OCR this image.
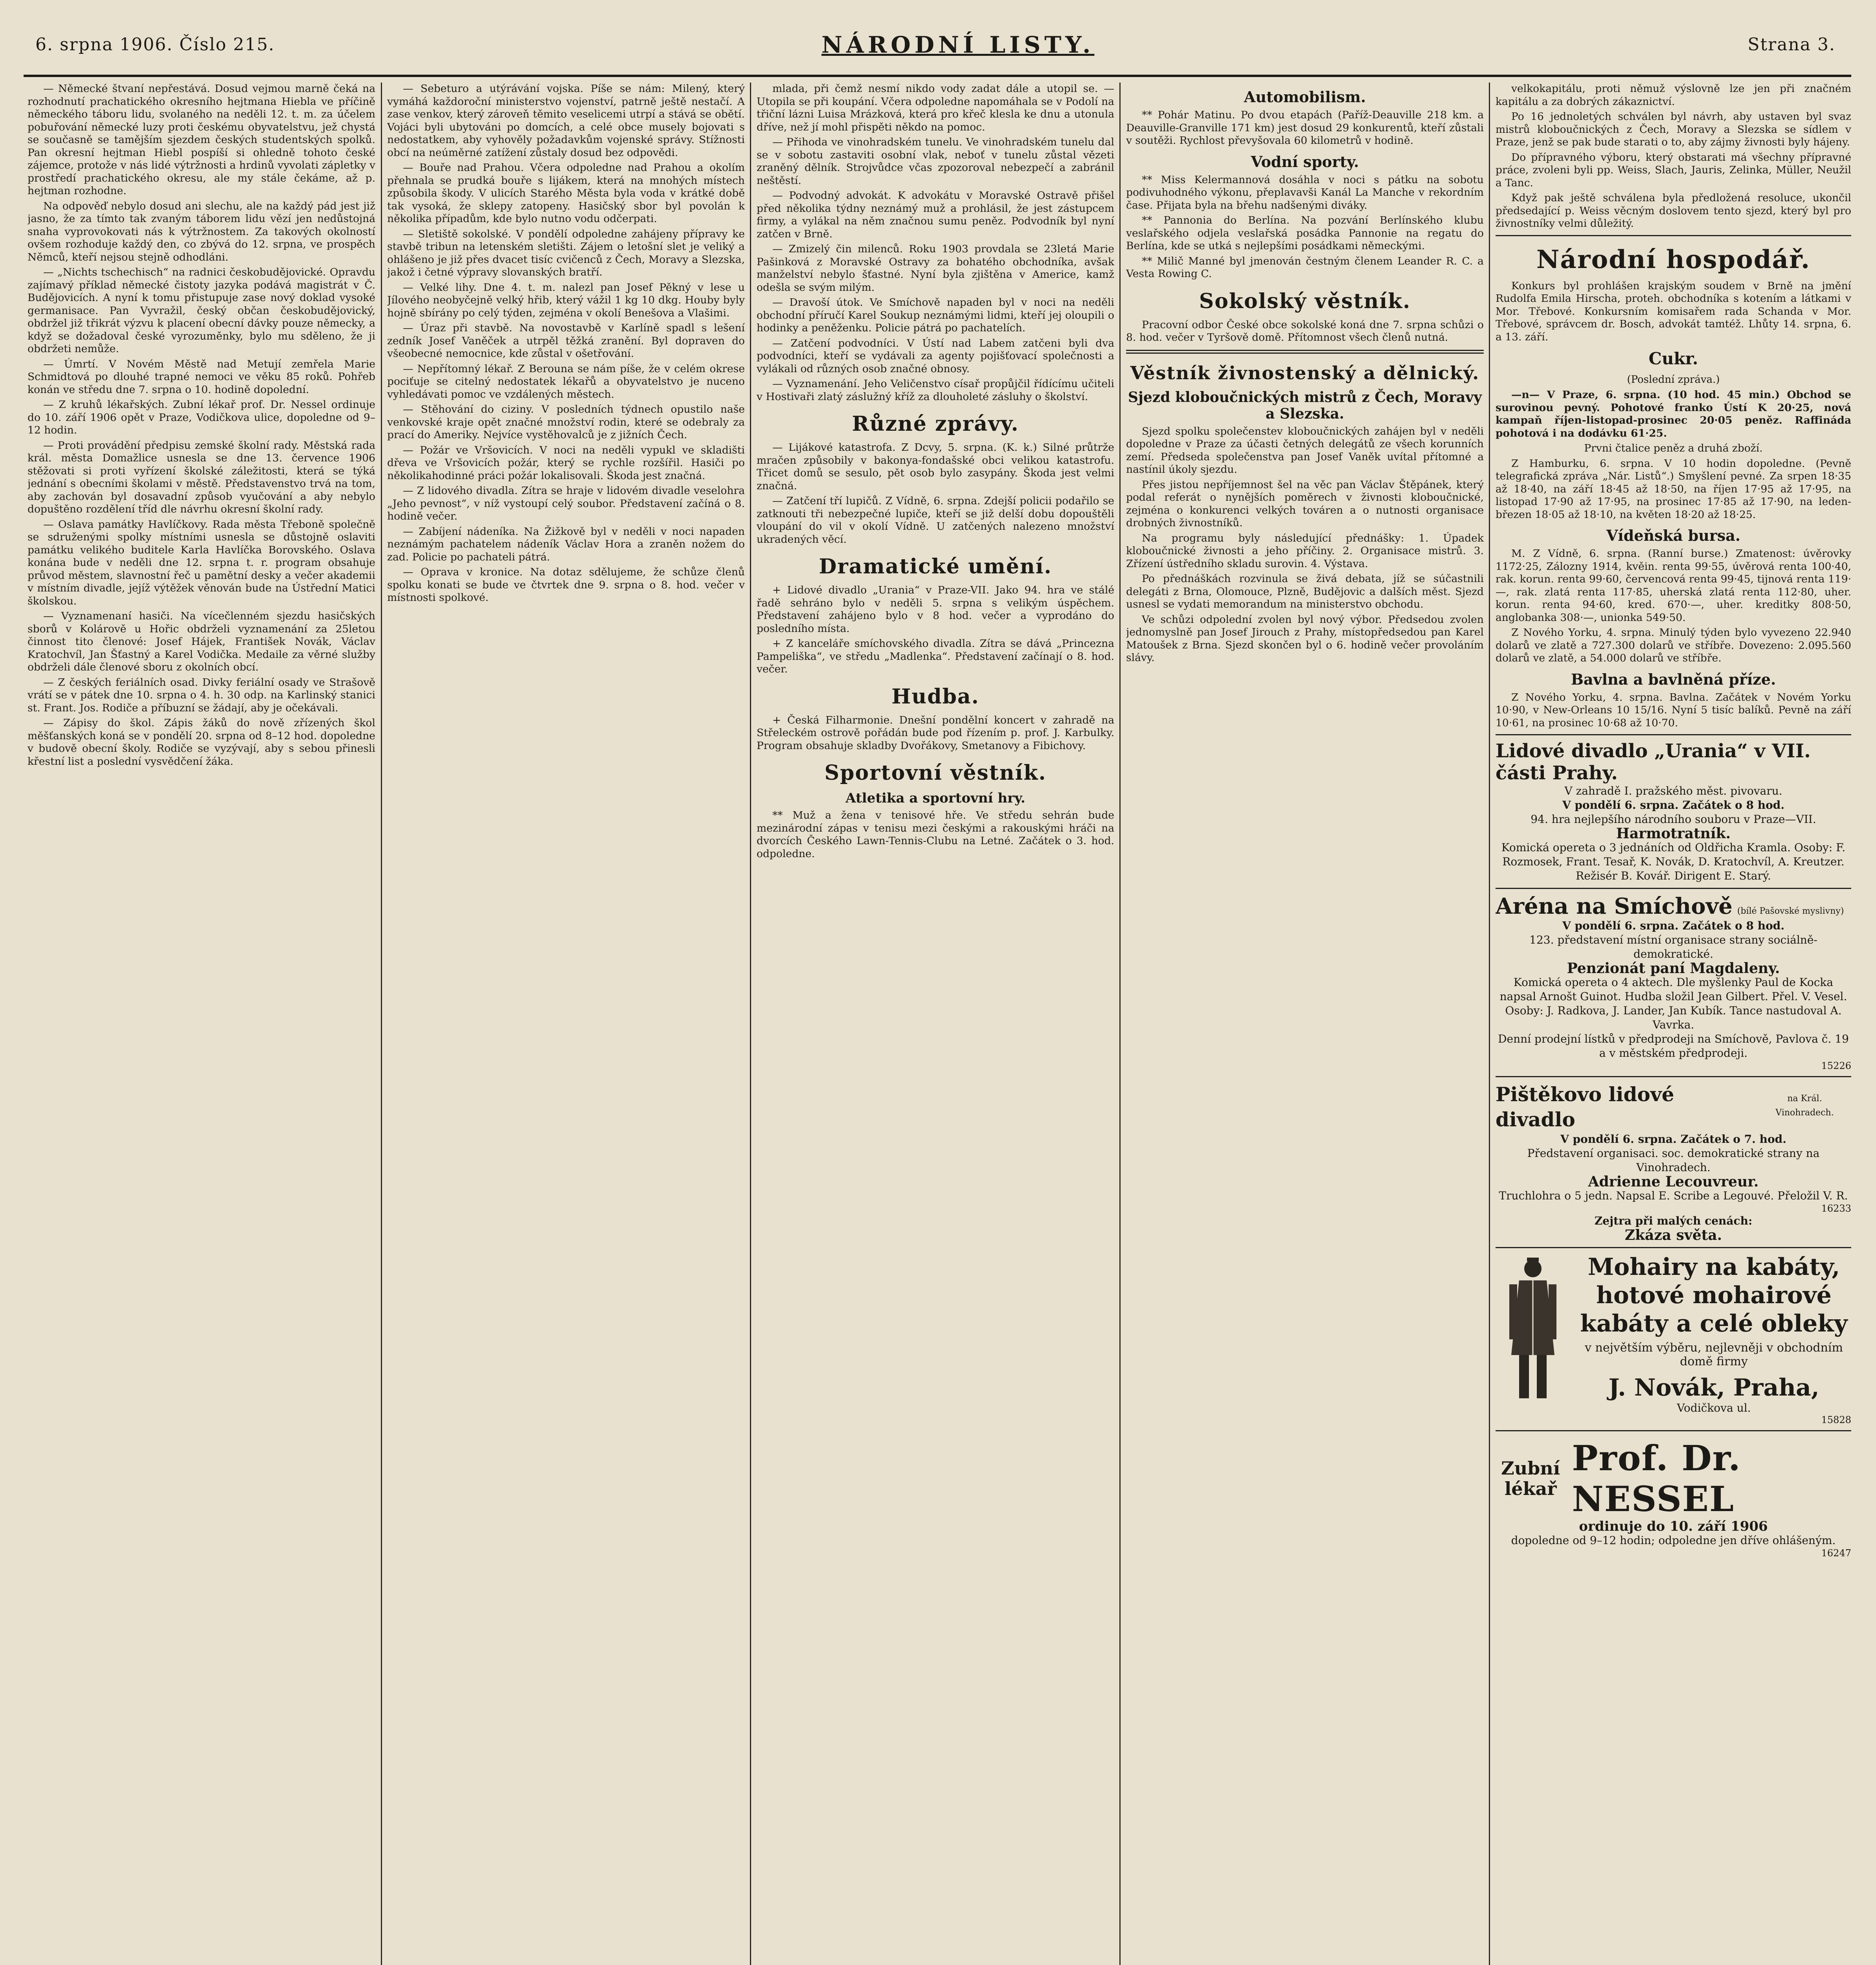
6. srpna 1906. Číslo 215.	NÁRODNÍ LISTY.	Strana 3.

— Německé štvaní nepřestává. Dosud vejmou marně čeká na rozhodnutí prachatického okresního hejtmana Hiebla ve příčině německého táboru lidu, svolaného na neděli 12. t. m. za účelem pobuřování německé luzy proti českému obyvatelstvu, jež chystá se současně se tamějším sjezdem českých studentských spolků. Pan okresní hejtman Hiebl pospíší si ohledně tohoto české zájemce, protože v nás lidé výtržnosti a hrdinů vyvolati zápletky v prostředí prachatického okresu, ale my stále čekáme, až p. hejtman rozhodne.

Na odpověď nebylo dosud ani slechu, ale na každý pád jest již jasno, že za tímto tak zvaným táborem lidu vězí jen nedůstojná snaha vyprovokovati nás k výtržnostem. Za takových okolností ovšem rozhoduje každý den, co zbývá do 12. srpna, ve prospěch Němců, kteří nejsou stejně odhodláni.

— „Nichts tschechisch“ na radnici českobudějovické. Opravdu zajímavý příklad německé čistoty jazyka podává magistrát v Č. Budějovicích. A nyní k tomu přistupuje zase nový doklad vysoké germanisace. Pan Vyvražil, český občan českobudějovický, obdržel již třikrát výzvu k placení obecní dávky pouze německy, a když se dožadoval české vyrozuměnky, bylo mu sděleno, že ji obdržeti nemůže.

— Úmrtí. V Novém Městě nad Metují zemřela Marie Schmidtová po dlouhé trapné nemoci ve věku 85 roků. Pohřeb konán ve středu dne 7. srpna o 10. hodině dopolední.

— Z kruhů lékařských. Zubní lékař prof. Dr. Nessel ordinuje do 10. září 1906 opět v Praze, Vodičkova ulice, dopoledne od 9–12 hodin.

— Proti provádění předpisu zemské školní rady. Městská rada král. města Domažlice usnesla se dne 13. července 1906 stěžovati si proti vyřízení školské záležitosti, která se týká jednání s obecními školami v městě. Představenstvo trvá na tom, aby zachován byl dosavadní způsob vyučování a aby nebylo dopuštěno rozdělení tříd dle návrhu okresní školní rady.

— Oslava památky Havlíčkovy. Rada města Třeboně společně se sdruženými spolky místními usnesla se důstojně oslaviti památku velikého buditele Karla Havlíčka Borovského. Oslava konána bude v neděli dne 12. srpna t. r. program obsahuje průvod městem, slavnostní řeč u pamětní desky a večer akademii v místním divadle, jejíž výtěžek věnován bude na Ústřední Matici školskou.

— Vyznamenaní hasiči. Na vícečlenném sjezdu hasičských sborů v Kolárově u Hořic obdrželi vyznamenání za 25letou činnost tito členové: Josef Hájek, František Novák, Václav Kratochvíl, Jan Šťastný a Karel Vodička. Medaile za věrné služby obdrželi dále členové sboru z okolních obcí.

— Z českých feriálních osad. Divky feriální osady ve Strašově vrátí se v pátek dne 10. srpna o 4. h. 30 odp. na Karlinský stanici st. Frant. Jos. Rodiče a příbuzní se žádají, aby je očekávali.

— Zápisy do škol. Zápis žáků do nově zřízených škol měšťanských koná se v pondělí 20. srpna od 8–12 hod. dopoledne v budově obecní školy. Rodiče se vyzývají, aby s sebou přinesli křestní list a poslední vysvědčení žáka.

— Sebeturo a utýrávání vojska. Píše se nám: Milený, který vymáhá každoroční ministerstvo vojenství, patrně ještě nestačí. A zase venkov, který zároveň těmito veselicemi utrpí a stává se obětí. Vojáci byli ubytováni po domcích, a celé obce musely bojovati s nedostatkem, aby vyhověly požadavkům vojenské správy. Stížnosti obcí na neúměrné zatížení zůstaly dosud bez odpovědi.

— Bouře nad Prahou. Včera odpoledne nad Prahou a okolím přehnala se prudká bouře s lijákem, která na mnohých místech způsobila škody. V ulicích Starého Města byla voda v krátké době tak vysoká, že sklepy zatopeny. Hasičský sbor byl povolán k několika případům, kde bylo nutno vodu odčerpati.

— Sletiště sokolské. V pondělí odpoledne zahájeny přípravy ke stavbě tribun na letenském sletišti. Zájem o letošní slet je veliký a ohlášeno je již přes dvacet tisíc cvičenců z Čech, Moravy a Slezska, jakož i četné výpravy slovanských bratří.

— Velké lihy. Dne 4. t. m. nalezl pan Josef Pěkný v lese u Jílového neobyčejně velký hřib, který vážil 1 kg 10 dkg. Houby byly hojně sbírány po celý týden, zejména v okolí Benešova a Vlašimi.

— Úraz při stavbě. Na novostavbě v Karlíně spadl s lešení zedník Josef Vaněček a utrpěl těžká zranění. Byl dopraven do všeobecné nemocnice, kde zůstal v ošetřování.

— Nepřítomný lékař. Z Berouna se nám píše, že v celém okrese pociťuje se citelný nedostatek lékařů a obyvatelstvo je nuceno vyhledávati pomoc ve vzdálených městech.

— Stěhování do ciziny. V posledních týdnech opustilo naše venkovské kraje opět značné množství rodin, které se odebraly za prací do Ameriky. Nejvíce vystěhovalců je z jižních Čech.

— Požár ve Vršovicích. V noci na neděli vypukl ve skladišti dřeva ve Vršovicích požár, který se rychle rozšířil. Hasiči po několikahodinné práci požár lokalisovali. Škoda jest značná.

— Z lidového divadla. Zítra se hraje v lidovém divadle veselohra „Jeho pevnost“, v níž vystoupí celý soubor. Představení začíná o 8. hodině večer.

— Zabíjení nádeníka. Na Žižkově byl v neděli v noci napaden neznámým pachatelem nádeník Václav Hora a zraněn nožem do zad. Policie po pachateli pátrá.

— Oprava v kronice. Na dotaz sdělujeme, že schůze členů spolku konati se bude ve čtvrtek dne 9. srpna o 8. hod. večer v místnosti spolkové.

mlada, při čemž nesmí nikdo vody zadat dále a utopil se. — Utopila se při koupání. Včera odpoledne napomáhala se v Podolí na třiční lázni Luisa Mrázková, která pro křeč klesla ke dnu a utonula dříve, než jí mohl přispěti někdo na pomoc.

— Přihoda ve vinohradském tunelu. Ve vinohradském tunelu dal se v sobotu zastaviti osobní vlak, neboť v tunelu zůstal vězeti zraněný dělník. Strojvůdce včas zpozoroval nebezpečí a zabránil neštěstí.

— Podvodný advokát. K advokátu v Moravské Ostravě přišel před několika týdny neznámý muž a prohlásil, že jest zástupcem firmy, a vylákal na něm značnou sumu peněz. Podvodník byl nyní zatčen v Brně.

— Zmizelý čin milenců. Roku 1903 provdala se 23letá Marie Pašinková z Moravské Ostravy za bohatého obchodníka, avšak manželství nebylo šťastné. Nyní byla zjištěna v Americe, kamž odešla se svým milým.

— Dravoší útok. Ve Smíchově napaden byl v noci na neděli obchodní příručí Karel Soukup neznámými lidmi, kteří jej oloupili o hodinky a peněženku. Policie pátrá po pachatelích.

— Zatčení podvodníci. V Ústí nad Labem zatčeni byli dva podvodníci, kteří se vydávali za agenty pojišťovací společnosti a vylákali od různých osob značné obnosy.

— Vyznamenání. Jeho Veličenstvo císař propůjčil řídícímu učiteli v Hostivaři zlatý záslužný kříž za dlouholeté zásluhy o školství.

Různé zprávy.

— Lijákové katastrofa. Z Dcvy, 5. srpna. (K. k.) Silné průtrže mračen způsobily v bakonya-fondašské obci velikou katastrofu. Třicet domů se sesulo, pět osob bylo zasypány. Škoda jest velmi značná.

— Zatčení tří lupičů. Z Vídně, 6. srpna. Zdejší policii podařilo se zatknouti tři nebezpečné lupiče, kteří se již delší dobu dopouštěli vloupání do vil v okolí Vídně. U zatčených nalezeno množství ukradených věcí.

Dramatické umění.

+ Lidové divadlo „Urania“ v Praze-VII. Jako 94. hra ve stálé řadě sehráno bylo v neděli 5. srpna s velikým úspěchem. Představení zahájeno bylo v 8 hod. večer a vyprodáno do posledního místa.

+ Z kanceláře smíchovského divadla. Zítra se dává „Princezna Pampeliška“, ve středu „Madlenka“. Představení začínají o 8. hod. večer.

Hudba.

+ Česká Filharmonie. Dnešní pondělní koncert v zahradě na Střeleckém ostrově pořádán bude pod řízením p. prof. J. Karbulky. Program obsahuje skladby Dvořákovy, Smetanovy a Fibichovy.

Sportovní věstník.
Atletika a sportovní hry.

** Muž a žena v tenisové hře. Ve středu sehrán bude mezinárodní zápas v tenisu mezi českými a rakouskými hráči na dvorcích Českého Lawn-Tennis-Clubu na Letné. Začátek o 3. hod. odpoledne.

Automobilism.

** Pohár Matinu. Po dvou etapách (Paříž-Deauville 218 km. a Deauville-Granville 171 km) jest dosud 29 konkurentů, kteří zůstali v soutěži. Rychlost převyšovala 60 kilometrů v hodině.

Vodní sporty.

** Miss Kelermannová dosáhla v noci s pátku na sobotu podivuhodného výkonu, přeplavavši Kanál La Manche v rekordním čase. Přijata byla na břehu nadšenými diváky.

** Pannonia do Berlína. Na pozvání Berlínského klubu veslařského odjela veslařská posádka Pannonie na regatu do Berlína, kde se utká s nejlepšími posádkami německými.

** Milič Manné byl jmenován čestným členem Leander R. C. a Vesta Rowing C.

Sokolský věstník.

Pracovní odbor České obce sokolské koná dne 7. srpna schůzi o 8. hod. večer v Tyršově domě. Přítomnost všech členů nutná.

Věstník živnostenský a dělnický.
Sjezd kloboučnických mistrů z Čech, Moravy a Slezska.

Sjezd spolku společenstev kloboučnických zahájen byl v neděli dopoledne v Praze za účasti četných delegátů ze všech korunních zemí. Předseda společenstva pan Josef Vaněk uvítal přítomné a nastínil úkoly sjezdu.

Přes jistou nepříjemnost šel na věc pan Václav Štěpánek, který podal referát o nynějších poměrech v živnosti kloboučnické, zejména o konkurenci velkých továren a o nutnosti organisace drobných živnostníků.

Na programu byly následující přednášky: 1. Úpadek kloboučnické živnosti a jeho příčiny. 2. Organisace mistrů. 3. Zřízení ústředního skladu surovin. 4. Výstava.

Po přednáškách rozvinula se živá debata, jíž se súčastnili delegáti z Brna, Olomouce, Plzně, Budějovic a dalších měst. Sjezd usnesl se vydati memorandum na ministerstvo obchodu.

Ve schůzi odpolední zvolen byl nový výbor. Předsedou zvolen jednomyslně pan Josef Jirouch z Prahy, místopředsedou pan Karel Matoušek z Brna. Sjezd skončen byl o 6. hodině večer provoláním slávy.

velkokapitálu, proti němuž výslovně lze jen při značném kapitálu a za dobrých zákaznictví.

Po 16 jednoletých schválen byl návrh, aby ustaven byl svaz mistrů kloboučnických z Čech, Moravy a Slezska se sídlem v Praze, jenž se pak bude starati o to, aby zájmy živnosti byly hájeny.

Do přípravného výboru, který obstarati má všechny přípravné práce, zvoleni byli pp. Weiss, Slach, Jauris, Zelinka, Müller, Neužil a Tanc.

Když pak ještě schválena byla předložená resoluce, ukončil předsedající p. Weiss věcným doslovem tento sjezd, který byl pro živnostníky velmi důležitý.

Národní hospodář.

Konkurs byl prohlášen krajským soudem v Brně na jmění Rudolfa Emila Hirscha, proteh. obchodníka s kotením a látkami v Mor. Třebové. Konkursním komisařem rada Schanda v Mor. Třebové, správcem dr. Bosch, advokát tamtéž. Lhůty 14. srpna, 6. a 13. září.

Cukr.
(Poslední zpráva.)

—n— V Praze, 6. srpna. (10 hod. 45 min.) Obchod se surovinou pevný. Pohotové franko Ústí K 20·25, nová kampaň říjen-listopad-prosinec 20·05 peněz. Raffináda pohotová i na dodávku 61·25.

Prvni čtalice peněz a druhá zboží.

Z Hamburku, 6. srpna. V 10 hodin dopoledne. (Pevně telegrafická zpráva „Nár. Listů“.) Smyšlení pevné. Za srpen 18·35 až 18·40, na září 18·45 až 18·50, na říjen 17·95 až 17·95, na listopad 17·90 až 17·95, na prosinec 17·85 až 17·90, na leden-březen 18·05 až 18·10, na květen 18·20 až 18·25.

Vídeňská bursa.

M. Z Vídně, 6. srpna. (Ranní burse.) Zmatenost: úvěrovky 1172·25, Zálozny 1914, kvěin. renta 99·55, úvěrová renta 100·40, rak. korun. renta 99·60, červencová renta 99·45, tijnová renta 119·—, rak. zlatá renta 117·85, uherská zlatá renta 112·80, uher. korun. renta 94·60, kred. 670·—, uher. kreditky 808·50, anglobanka 308·—, unionka 549·50.

Z Nového Yorku, 4. srpna. Minulý týden bylo vyvezeno 22.940 dolarů ve zlatě a 727.300 dolarů ve stříbře. Dovezeno: 2.095.560 dolarů ve zlatě, a 54.000 dolarů ve stříbře.

Bavlna a bavlněná příze.

Z Nového Yorku, 4. srpna. Bavlna. Začátek v Novém Yorku 10·90, v New-Orleans 10 15/16. Nyní 5 tisíc balíků. Pevně na září 10·61, na prosinec 10·68 až 10·70.

Lidové divadlo „Urania“ v VII. části Prahy.
V zahradě I. pražského měst. pivovaru.
V pondělí 6. srpna. Začátek o 8 hod.
94. hra nejlepšího národního souboru v Praze—VII.
Harmotratník.
Komická opereta o 3 jednáních od Oldřicha Kramla. Osoby: F. Rozmosek, Frant. Tesař, K. Novák, D. Kratochvíl, A. Kreutzer. Režisér B. Kovář. Dirigent E. Starý.
Aréna na Smíchově (bílé Pašovské myslivny)
V pondělí 6. srpna. Začátek o 8 hod.
123. představení místní organisace strany sociálně-demokratické.
Penzionát paní Magdaleny.
Komická opereta o 4 aktech. Dle myšlenky Paul de Kocka napsal Arnošt Guinot. Hudba složil Jean Gilbert. Přel. V. Vesel. Osoby: J. Radkova, J. Lander, Jan Kubík. Tance nastudoval A. Vavrka.
Denní prodejní lístků v předprodeji na Smíchově, Pavlova č. 19 a v městském předprodeji.
15226
Pištěkovo lidové divadlo
na Král. Vinohradech.
V pondělí 6. srpna. Začátek o 7. hod.
Představení organisaci. soc. demokratické strany na Vinohradech.
Adrienne Lecouvreur.
Truchlohra o 5 jedn. Napsal E. Scribe a Legouvé. Přeložil V. R.
16233
Zejtra při malých cenách:
Zkáza světa.
Mohairy na kabáty, hotové mohairové kabáty a celé obleky
v největším výběru, nejlevněji v obchodním domě firmy
J. Novák, Praha,
Vodičkova ul.
15828
Zubní lékař
Prof. Dr. NESSEL
ordinuje do 10. září 1906
dopoledne od 9–12 hodin; odpoledne jen dříve ohlášeným.
16247
